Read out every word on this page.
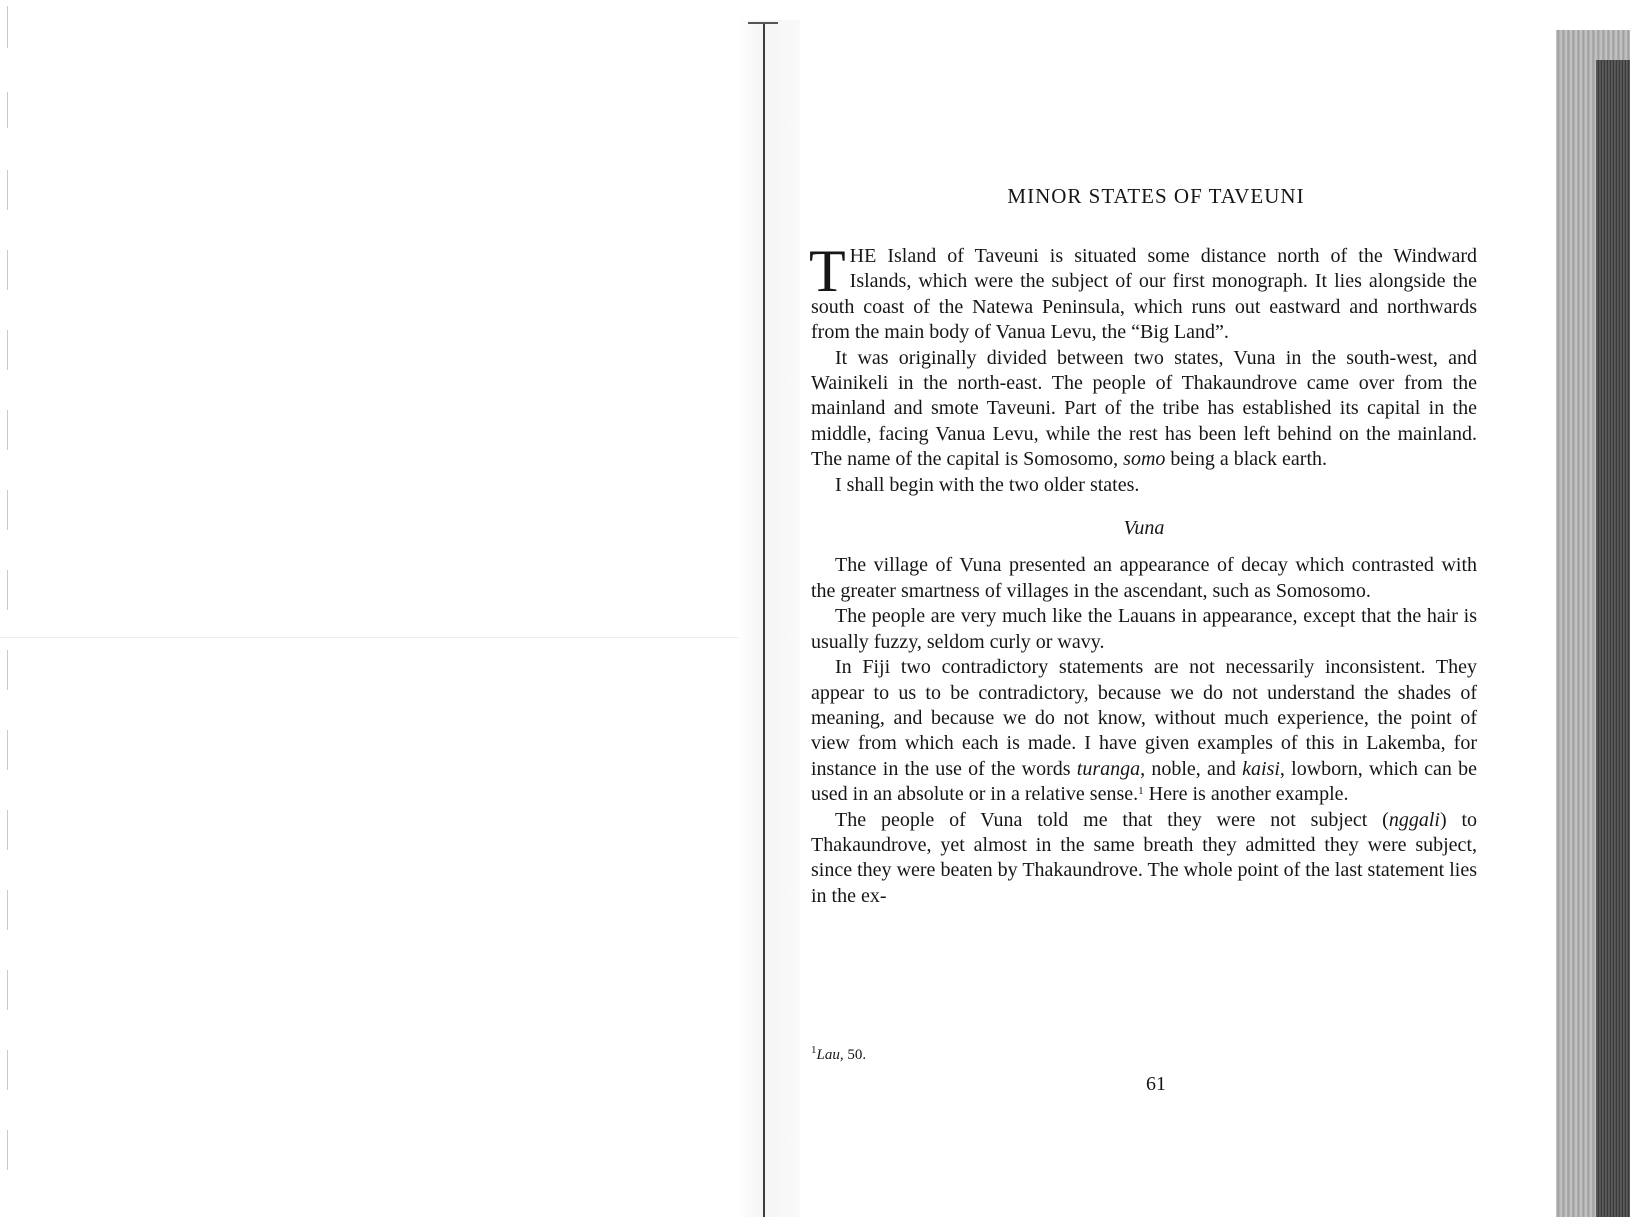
MINOR STATES OF TAVEUNI

THE Island of Taveuni is situated some distance north of the Windward Islands, which were the subject of our first monograph. It lies alongside the south coast of the Natewa Peninsula, which runs out eastward and northwards from the main body of Vanua Levu, the “Big Land”.

It was originally divided between two states, Vuna in the south-west, and Wainikeli in the north-east. The people of Thakaundrove came over from the mainland and smote Taveuni. Part of the tribe has established its capital in the middle, facing Vanua Levu, while the rest has been left behind on the mainland. The name of the capital is Somosomo, somo being a black earth.

I shall begin with the two older states.

Vuna

The village of Vuna presented an appearance of decay which contrasted with the greater smartness of villages in the ascendant, such as Somosomo.

The people are very much like the Lauans in appearance, except that the hair is usually fuzzy, seldom curly or wavy.

In Fiji two contradictory statements are not necessarily inconsistent. They appear to us to be contradictory, because we do not understand the shades of meaning, and because we do not know, without much experience, the point of view from which each is made. I have given examples of this in Lakemba, for instance in the use of the words turanga, noble, and kaisi, lowborn, which can be used in an absolute or in a relative sense.$^1$ Here is another example.

The people of Vuna told me that they were not subject (nggali) to Thakaundrove, yet almost in the same breath they admitted they were subject, since they were beaten by Thakaundrove. The whole point of the last statement lies in the ex-

$^1$Lau, 50.
61
